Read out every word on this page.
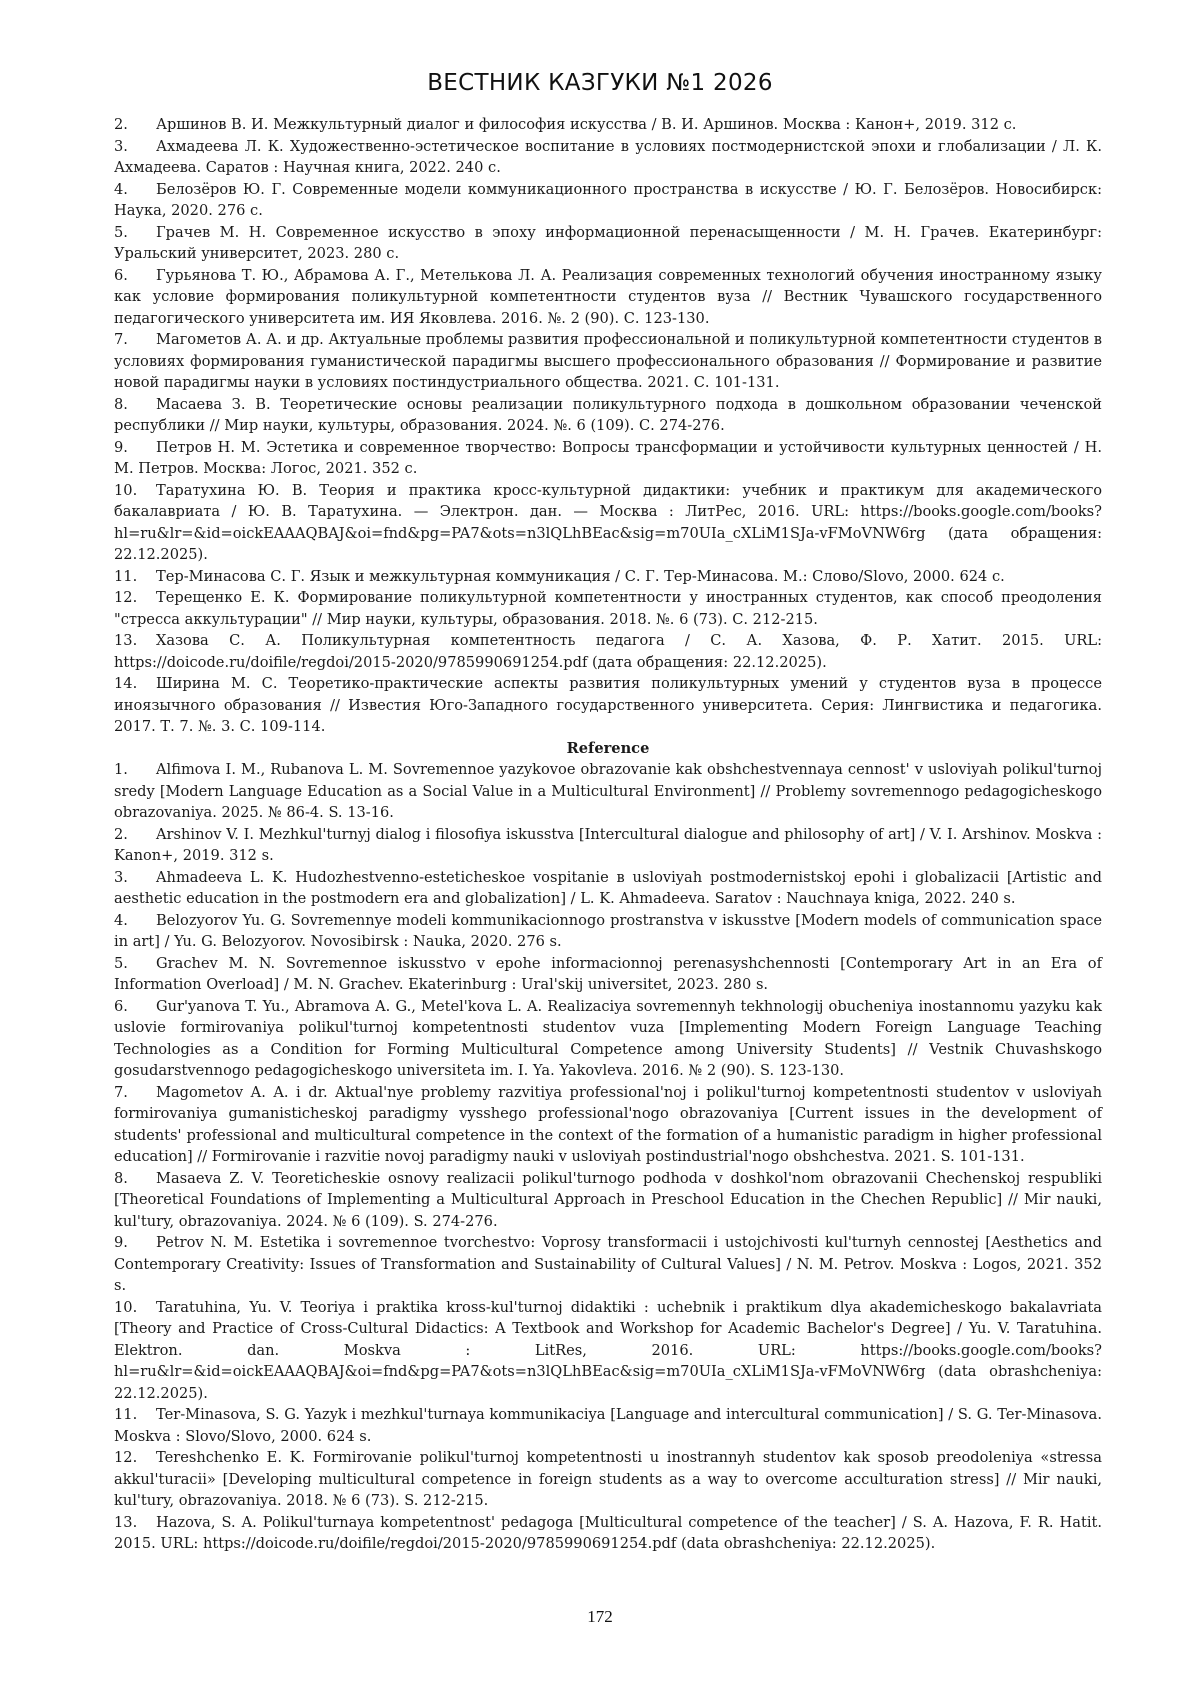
ВЕСТНИК КАЗГУКИ №1 2026

2. Аршинов В. И. Межкультурный диалог и философия искусства / В. И. Аршинов. Москва : Канон+, 2019. 312 с.

3. Ахмадеева Л. К. Художественно-эстетическое воспитание в условиях постмодернистской эпохи и глобализации / Л. К. Ахмадеева. Саратов : Научная книга, 2022. 240 с.

4. Белозёров Ю. Г. Современные модели коммуникационного пространства в искусстве / Ю. Г. Белозёров. Новосибирск: Наука, 2020. 276 с.

5. Грачев М. Н. Современное искусство в эпоху информационной перенасыщенности / М. Н. Грачев. Екатеринбург: Уральский университет, 2023. 280 с.

6. Гурьянова Т. Ю., Абрамова А. Г., Метелькова Л. А. Реализация современных технологий обучения иностранному языку как условие формирования поликультурной компетентности студентов вуза // Вестник Чувашского государственного педагогического университета им. ИЯ Яковлева. 2016. №. 2 (90). С. 123-130.

7. Магометов А. А. и др. Актуальные проблемы развития профессиональной и поликультурной компетентности студентов в условиях формирования гуманистической парадигмы высшего профессионального образования // Формирование и развитие новой парадигмы науки в условиях постиндустриального общества. 2021. С. 101-131.

8. Масаева З. В. Теоретические основы реализации поликультурного подхода в дошкольном образовании чеченской республики // Мир науки, культуры, образования. 2024. №. 6 (109). С. 274-276.

9. Петров Н. М. Эстетика и современное творчество: Вопросы трансформации и устойчивости культурных ценностей / Н. М. Петров. Москва: Логос, 2021. 352 с.

10. Таратухина Ю. В. Теория и практика кросс-культурной дидактики: учебник и практикум для академического бакалавриата / Ю. В. Таратухина. — Электрон. дан. — Москва : ЛитРес, 2016. URL: https://books.google.com/books?hl=ru&lr=&id=oickEAAAQBAJ&oi=fnd&pg=PA7&ots=n3lQLhBEac&sig=m70UIa_cXLiM1SJa-vFMoVNW6rg (дата обращения: 22.12.2025).

11. Тер-Минасова С. Г. Язык и межкультурная коммуникация / С. Г. Тер-Минасова. М.: Слово/Slovo, 2000. 624 с.

12. Терещенко Е. К. Формирование поликультурной компетентности у иностранных студентов, как способ преодоления "стресса аккультурации" // Мир науки, культуры, образования. 2018. №. 6 (73). С. 212-215.

13. Хазова С. А. Поликультурная компетентность педагога / С. А. Хазова, Ф. Р. Хатит. 2015. URL: https://doicode.ru/doifile/regdoi/2015-2020/9785990691254.pdf (дата обращения: 22.12.2025).

14. Ширина М. С. Теоретико-практические аспекты развития поликультурных умений у студентов вуза в процессе иноязычного образования // Известия Юго-Западного государственного университета. Серия: Лингвистика и педагогика. 2017. Т. 7. №. 3. С. 109-114.

Reference

1. Alfimova I. M., Rubanova L. M. Sovremennoe yazykovoe obrazovanie kak obshchestvennaya cennost' v usloviyah polikul'turnoj sredy [Modern Language Education as a Social Value in a Multicultural Environment] // Problemy sovremennogo pedagogicheskogo obrazovaniya. 2025. № 86-4. S. 13-16.

2. Arshinov V. I. Mezhkul'turnyj dialog i filosofiya iskusstva [Intercultural dialogue and philosophy of art] / V. I. Arshinov. Moskva : Kanon+, 2019. 312 s.

3. Ahmadeeva L. K. Hudozhestvenno-esteticheskoe vospitanie в usloviyah postmodernistskoj epohi i globalizacii [Artistic and aesthetic education in the postmodern era and globalization] / L. K. Ahmadeeva. Saratov : Nauchnaya kniga, 2022. 240 s.

4. Belozyorov Yu. G. Sovremennye modeli kommunikacionnogo prostranstva v iskusstve [Modern models of communication space in art] / Yu. G. Belozyorov. Novosibirsk : Nauka, 2020. 276 s.

5. Grachev M. N. Sovremennoe iskusstvo v epohe informacionnoj perenasyshchennosti [Contemporary Art in an Era of Information Overload] / M. N. Grachev. Ekaterinburg : Ural'skij universitet, 2023. 280 s.

6. Gur'yanova T. Yu., Abramova A. G., Metel'kova L. A. Realizaciya sovremennyh tekhnologij obucheniya inostannomu yazyku kak uslovie formirovaniya polikul'turnoj kompetentnosti studentov vuza [Implementing Modern Foreign Language Teaching Technologies as a Condition for Forming Multicultural Competence among University Students] // Vestnik Chuvashskogo gosudarstvennogo pedagogicheskogo universiteta im. I. Ya. Yakovleva. 2016. № 2 (90). S. 123-130.

7. Magometov A. A. i dr. Aktual'nye problemy razvitiya professional'noj i polikul'turnoj kompetentnosti studentov v usloviyah formirovaniya gumanisticheskoj paradigmy vysshego professional'nogo obrazovaniya [Current issues in the development of students' professional and multicultural competence in the context of the formation of a humanistic paradigm in higher professional education] // Formirovanie i razvitie novoj paradigmy nauki v usloviyah postindustrial'nogo obshchestva. 2021. S. 101-131.

8. Masaeva Z. V. Teoreticheskie osnovy realizacii polikul'turnogo podhoda v doshkol'nom obrazovanii Chechenskoj respubliki [Theoretical Foundations of Implementing a Multicultural Approach in Preschool Education in the Chechen Republic] // Mir nauki, kul'tury, obrazovaniya. 2024. № 6 (109). S. 274-276.

9. Petrov N. M. Estetika i sovremennoe tvorchestvo: Voprosy transformacii i ustojchivosti kul'turnyh cennostej [Aesthetics and Contemporary Creativity: Issues of Transformation and Sustainability of Cultural Values] / N. M. Petrov. Moskva : Logos, 2021. 352 s.

10. Taratuhina, Yu. V. Teoriya i praktika kross-kul'turnoj didaktiki : uchebnik i praktikum dlya akademicheskogo bakalavriata [Theory and Practice of Cross-Cultural Didactics: A Textbook and Workshop for Academic Bachelor's Degree] / Yu. V. Taratuhina. Elektron. dan. Moskva : LitRes, 2016. URL: https://books.google.com/books?hl=ru&lr=&id=oickEAAAQBAJ&oi=fnd&pg=PA7&ots=n3lQLhBEac&sig=m70UIa_cXLiM1SJa-vFMoVNW6rg (data obrashcheniya: 22.12.2025).

11. Ter-Minasova, S. G. Yazyk i mezhkul'turnaya kommunikaciya [Language and intercultural communication] / S. G. Ter-Minasova. Moskva : Slovo/Slovo, 2000. 624 s.

12. Tereshchenko E. K. Formirovanie polikul'turnoj kompetentnosti u inostrannyh studentov kak sposob preodoleniya «stressa akkul'turacii» [Developing multicultural competence in foreign students as a way to overcome acculturation stress] // Mir nauki, kul'tury, obrazovaniya. 2018. № 6 (73). S. 212-215.

13. Hazova, S. A. Polikul'turnaya kompetentnost' pedagoga [Multicultural competence of the teacher] / S. A. Hazova, F. R. Hatit. 2015. URL: https://doicode.ru/doifile/regdoi/2015-2020/9785990691254.pdf (data obrashcheniya: 22.12.2025).

172
